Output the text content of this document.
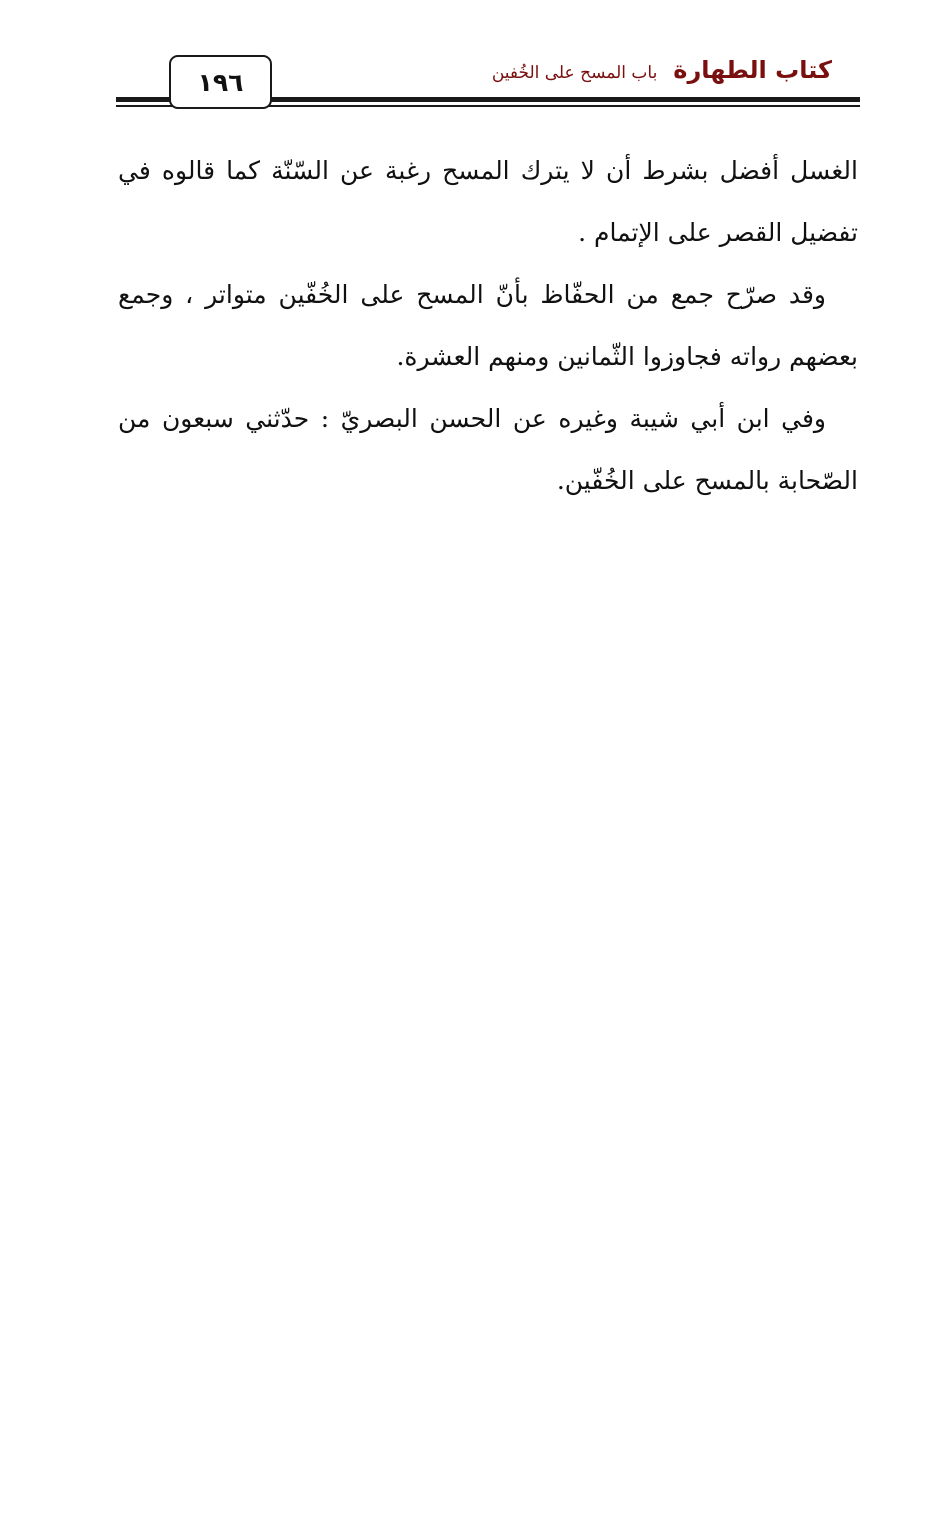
١٩٦	كتاب الطهارة
باب المسح على الخُفين

الغسل أفضل بشرط أن لا يترك المسح رغبة عن السّنّة كما قالوه في تفضيل القصر على الإتمام .

وقد صرّح جمع من الحفّاظ بأنّ المسح على الخُفّين متواتر ، وجمع بعضهم رواته فجاوزوا الثّمانين ومنهم العشرة.

وفي ابن أبي شيبة وغيره عن الحسن البصريّ : حدّثني سبعون من الصّحابة بالمسح على الخُفّين.
